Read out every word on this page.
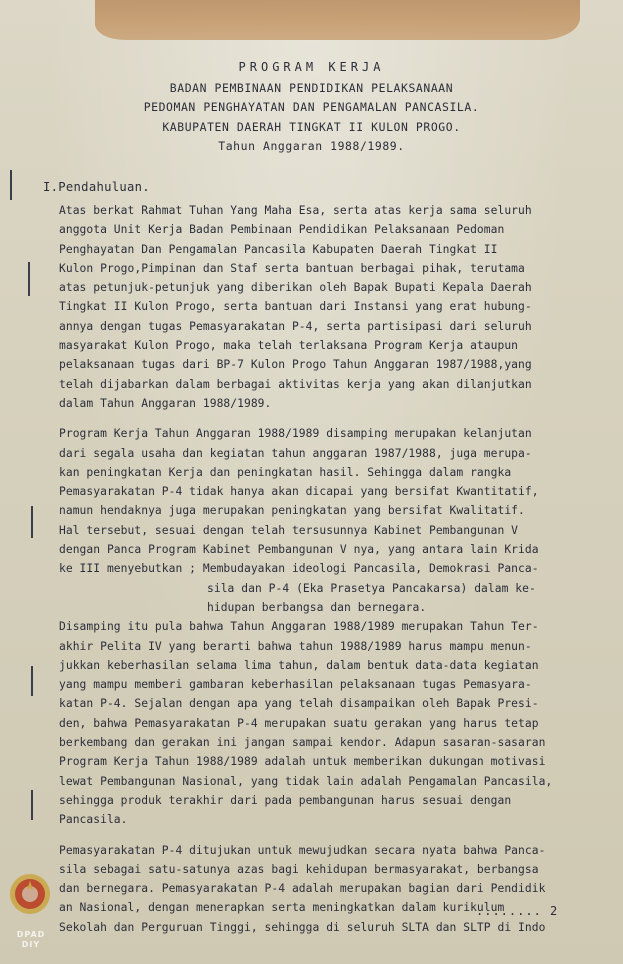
PROGRAM KERJA
BADAN PEMBINAAN PENDIDIKAN PELAKSANAAN
PEDOMAN PENGHAYATAN DAN PENGAMALAN PANCASILA.
KABUPATEN DAERAH TINGKAT II KULON PROGO.
Tahun Anggaran 1988/1989.
I.Pendahuluan.
Atas berkat Rahmat Tuhan Yang Maha Esa, serta atas kerja sama seluruh
anggota Unit Kerja Badan Pembinaan Pendidikan Pelaksanaan Pedoman
Penghayatan Dan Pengamalan Pancasila Kabupaten Daerah Tingkat II
Kulon Progo,Pimpinan dan Staf serta bantuan berbagai pihak, terutama
atas petunjuk-petunjuk yang diberikan oleh Bapak Bupati Kepala Daerah
Tingkat II Kulon Progo, serta bantuan dari Instansi yang erat hubung-
annya dengan tugas Pemasyarakatan P-4, serta partisipasi dari seluruh
masyarakat Kulon Progo, maka telah terlaksana Program Kerja ataupun
pelaksanaan tugas dari BP-7 Kulon Progo Tahun Anggaran 1987/1988,yang
telah dijabarkan dalam berbagai aktivitas kerja yang akan dilanjutkan
dalam Tahun Anggaran 1988/1989.
Program Kerja Tahun Anggaran 1988/1989 disamping merupakan kelanjutan
dari segala usaha dan kegiatan tahun anggaran 1987/1988, juga merupa-
kan peningkatan Kerja dan peningkatan hasil. Sehingga dalam rangka
Pemasyarakatan P-4 tidak hanya akan dicapai yang bersifat Kwantitatif,
namun hendaknya juga merupakan peningkatan yang bersifat Kwalitatif.
Hal tersebut, sesuai dengan telah tersusunnya Kabinet Pembangunan V
dengan Panca Program Kabinet Pembangunan V nya, yang antara lain Krida
ke III menyebutkan ; Membudayakan ideologi Pancasila, Demokrasi Panca-
sila dan P-4 (Eka Prasetya Pancakarsa) dalam ke-
hidupan berbangsa dan bernegara.
Disamping itu pula bahwa Tahun Anggaran 1988/1989 merupakan Tahun Ter-
akhir Pelita IV yang berarti bahwa tahun 1988/1989 harus mampu menun-
jukkan keberhasilan selama lima tahun, dalam bentuk data-data kegiatan
yang mampu memberi gambaran keberhasilan pelaksanaan tugas Pemasyara-
katan P-4. Sejalan dengan apa yang telah disampaikan oleh Bapak Presi-
den, bahwa Pemasyarakatan P-4 merupakan suatu gerakan yang harus tetap
berkembang dan gerakan ini jangan sampai kendor. Adapun sasaran-sasaran
Program Kerja Tahun 1988/1989 adalah untuk memberikan dukungan motivasi
lewat Pembangunan Nasional, yang tidak lain adalah Pengamalan Pancasila,
sehingga produk terakhir dari pada pembangunan harus sesuai dengan
Pancasila.
Pemasyarakatan P-4 ditujukan untuk mewujudkan secara nyata bahwa Panca-
sila sebagai satu-satunya azas bagi kehidupan bermasyarakat, berbangsa
dan bernegara. Pemasyarakatan P-4 adalah merupakan bagian dari Pendidik
an Nasional, dengan menerapkan serta meningkatkan dalam kurikulum
Sekolah dan Perguruan Tinggi, sehingga di seluruh SLTA dan SLTP di Indo
........ 2
DPAD
DIY
